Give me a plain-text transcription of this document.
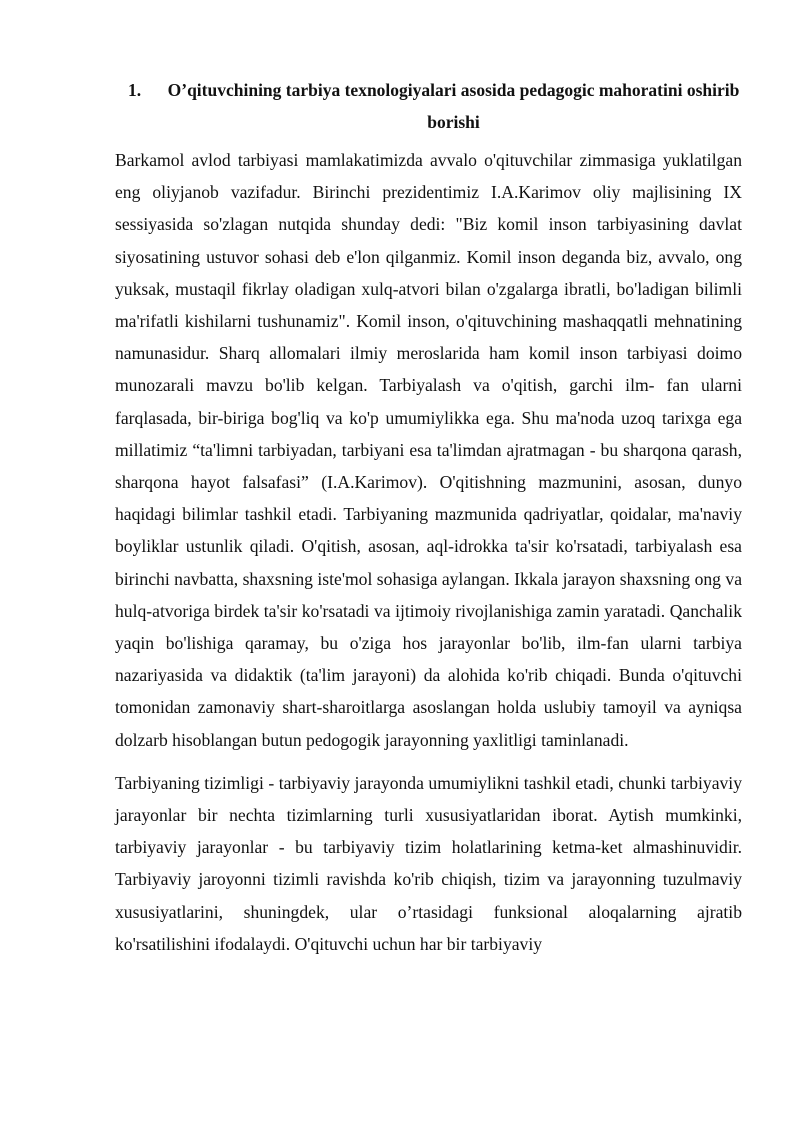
1.	O’qituvchining tarbiya texnologiyalari asosida pedagogic mahoratini oshirib borishi

Barkamol avlod tarbiyasi mamlakatimizda avvalo o'qituvchilar zimmasiga yuklatilgan eng oliyjanob vazifadur. Birinchi prezidentimiz I.A.Karimov oliy majlisining IX sessiyasida so'zlagan nutqida shunday dedi: "Biz komil inson tarbiyasining davlat siyosatining ustuvor sohasi deb e'lon qilganmiz. Komil inson deganda biz, avvalo, ong yuksak, mustaqil fikrlay oladigan xulq-atvori bilan o'zgalarga ibratli, bo'ladigan bilimli ma'rifatli kishilarni tushunamiz". Komil inson, o'qituvchining mashaqqatli mehnatining namunasidur. Sharq allomalari ilmiy meroslarida ham komil inson tarbiyasi doimo munozarali mavzu bo'lib kelgan. Tarbiyalash va o'qitish, garchi ilm- fan ularni farqlasada, bir-biriga bog'liq va ko'p umumiylikka ega. Shu ma'noda uzoq tarixga ega millatimiz “ta'limni tarbiyadan, tarbiyani esa ta'limdan ajratmagan - bu sharqona qarash, sharqona hayot falsafasi” (I.A.Karimov). O'qitishning mazmunini, asosan, dunyo haqidagi bilimlar tashkil etadi. Tarbiyaning mazmunida qadriyatlar, qoidalar, ma'naviy boyliklar ustunlik qiladi. O'qitish, asosan, aql-idrokka ta'sir ko'rsatadi, tarbiyalash esa birinchi navbatta, shaxsning iste'mol sohasiga aylangan. Ikkala jarayon shaxsning ong va hulq-atvoriga birdek ta'sir ko'rsatadi va ijtimoiy rivojlanishiga zamin yaratadi. Qanchalik yaqin bo'lishiga qaramay, bu o'ziga hos jarayonlar bo'lib, ilm-fan ularni tarbiya nazariyasida va didaktik (ta'lim jarayoni) da alohida ko'rib chiqadi. Bunda o'qituvchi tomonidan zamonaviy shart-sharoitlarga asoslangan holda uslubiy tamoyil va ayniqsa dolzarb hisoblangan butun pedogogik jarayonning yaxlitligi taminlanadi.

Tarbiyaning tizimligi - tarbiyaviy jarayonda umumiylikni tashkil etadi, chunki tarbiyaviy jarayonlar bir nechta tizimlarning turli xususiyatlaridan iborat. Aytish mumkinki, tarbiyaviy jarayonlar - bu tarbiyaviy tizim holatlarining ketma-ket almashinuvidir. Tarbiyaviy jaroyonni tizimli ravishda ko'rib chiqish, tizim va jarayonning tuzulmaviy xususiyatlarini, shuningdek, ular o’rtasidagi funksional aloqalarning ajratib ko'rsatilishini ifodalaydi. O'qituvchi uchun har bir tarbiyaviy
